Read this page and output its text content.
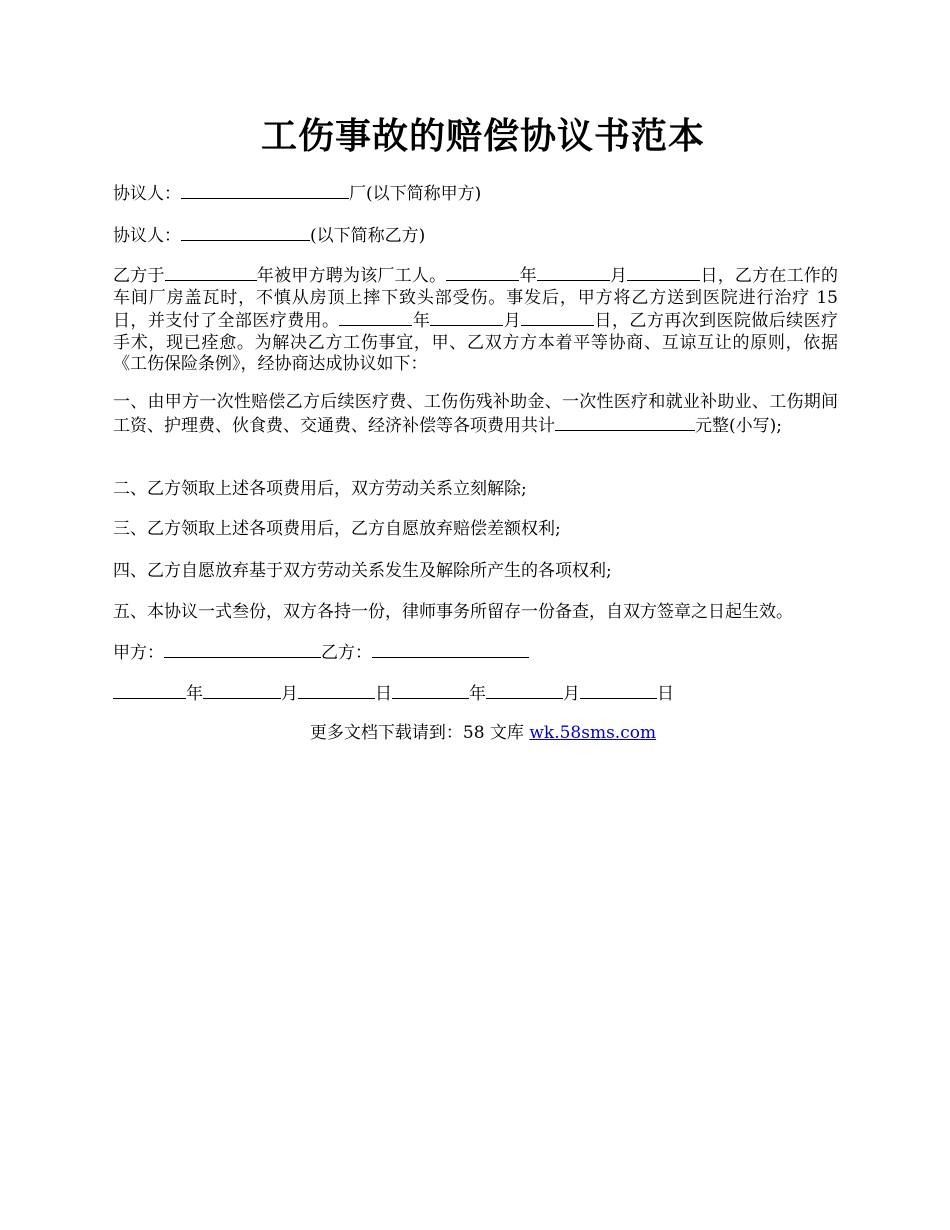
工伤事故的赔偿协议书范本

协议人：	厂(以下简称甲方)

协议人：	(以下简称乙方)

乙方于	年被甲方聘为该厂工人。	年	月	日，乙方在工作的车间厂房盖瓦时，不慎从房顶上摔下致头部受伤。事发后，甲方将乙方送到医院进行治疗 15 日，并支付了全部医疗费用。	年	月	日，乙方再次到医院做后续医疗手术，现已痊愈。为解决乙方工伤事宜，甲、乙双方方本着平等协商、互谅互让的原则，依据《工伤保险条例》，经协商达成协议如下：

一、由甲方一次性赔偿乙方后续医疗费、工伤伤残补助金、一次性医疗和就业补助业、工伤期间工资、护理费、伙食费、交通费、经济补偿等各项费用共计	元整(小写);

二、乙方领取上述各项费用后，双方劳动关系立刻解除;

三、乙方领取上述各项费用后，乙方自愿放弃赔偿差额权利;

四、乙方自愿放弃基于双方劳动关系发生及解除所产生的各项权利;

五、本协议一式叁份，双方各持一份，律师事务所留存一份备查，自双方签章之日起生效。

甲方：	乙方：

年	月	日	年	月	日

更多文档下载请到：58 文库 wk.58sms.com
